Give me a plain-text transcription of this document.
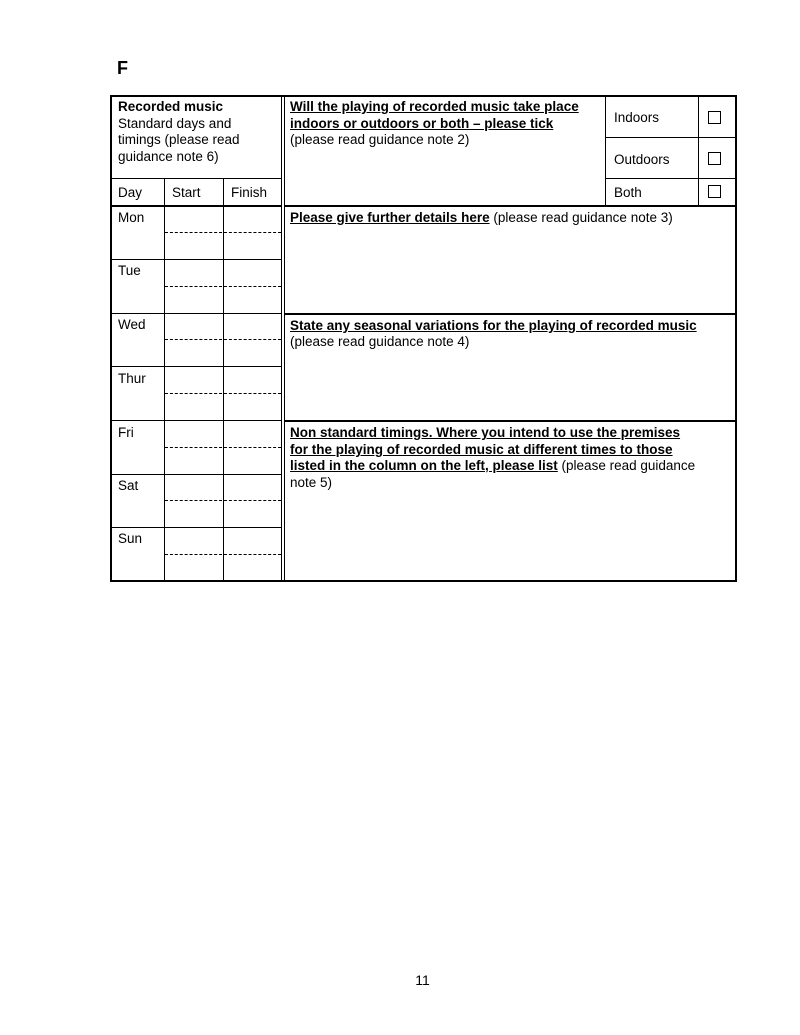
F
Recorded music
Standard days and
timings (please read
guidance note 6)
Day Start Finish
Mon
Tue
Wed
Thur
Fri
Sat
Sun
Will the playing of recorded music take place
indoors or outdoors or both – please tick
(please read guidance note 2)
Indoors
Outdoors
Both
Please give further details here (please read guidance note 3)
State any seasonal variations for the playing of recorded music
(please read guidance note 4)
Non standard timings. Where you intend to use the premises
for the playing of recorded music at different times to those
listed in the column on the left, please list (please read guidance
note 5)
11
